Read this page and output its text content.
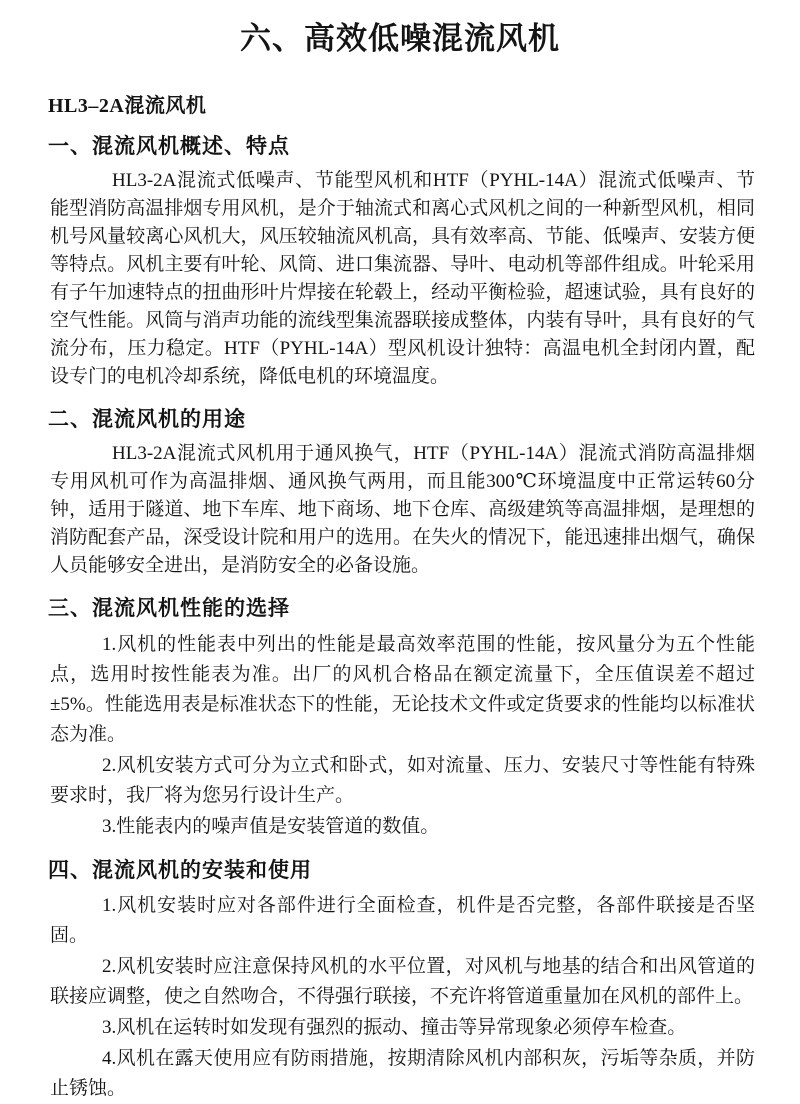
六、高效低噪混流风机
HL3–2A混流风机
一、混流风机概述、特点

HL3-2A混流式低噪声、节能型风机和HTF（PYHL-14A）混流式低噪声、节能型消防高温排烟专用风机，是介于轴流式和离心式风机之间的一种新型风机，相同机号风量较离心风机大，风压较轴流风机高，具有效率高、节能、低噪声、安装方便等特点。风机主要有叶轮、风筒、进口集流器、导叶、电动机等部件组成。叶轮采用有子午加速特点的扭曲形叶片焊接在轮毂上，经动平衡检验，超速试验，具有良好的空气性能。风筒与消声功能的流线型集流器联接成整体，内装有导叶，具有良好的气流分布，压力稳定。HTF（PYHL-14A）型风机设计独特：高温电机全封闭内置，配设专门的电机冷却系统，降低电机的环境温度。

二、混流风机的用途

HL3-2A混流式风机用于通风换气，HTF（PYHL-14A）混流式消防高温排烟专用风机可作为高温排烟、通风换气两用，而且能300℃环境温度中正常运转60分钟，适用于隧道、地下车库、地下商场、地下仓库、高级建筑等高温排烟，是理想的消防配套产品，深受设计院和用户的选用。在失火的情况下，能迅速排出烟气，确保人员能够安全进出，是消防安全的必备设施。

三、混流风机性能的选择

1.风机的性能表中列出的性能是最高效率范围的性能，按风量分为五个性能点，选用时按性能表为准。出厂的风机合格品在额定流量下，全压值误差不超过±5%。性能选用表是标准状态下的性能，无论技术文件或定货要求的性能均以标准状态为准。

2.风机安装方式可分为立式和卧式，如对流量、压力、安装尺寸等性能有特殊要求时，我厂将为您另行设计生产。

3.性能表内的噪声值是安装管道的数值。

四、混流风机的安装和使用

1.风机安装时应对各部件进行全面检查，机件是否完整，各部件联接是否坚固。

2.风机安装时应注意保持风机的水平位置，对风机与地基的结合和出风管道的联接应调整，使之自然吻合，不得强行联接，不充许将管道重量加在风机的部件上。

3.风机在运转时如发现有强烈的振动、撞击等异常现象必须停车检查。

4.风机在露天使用应有防雨措施，按期清除风机内部积灰，污垢等杂质，并防止锈蚀。
